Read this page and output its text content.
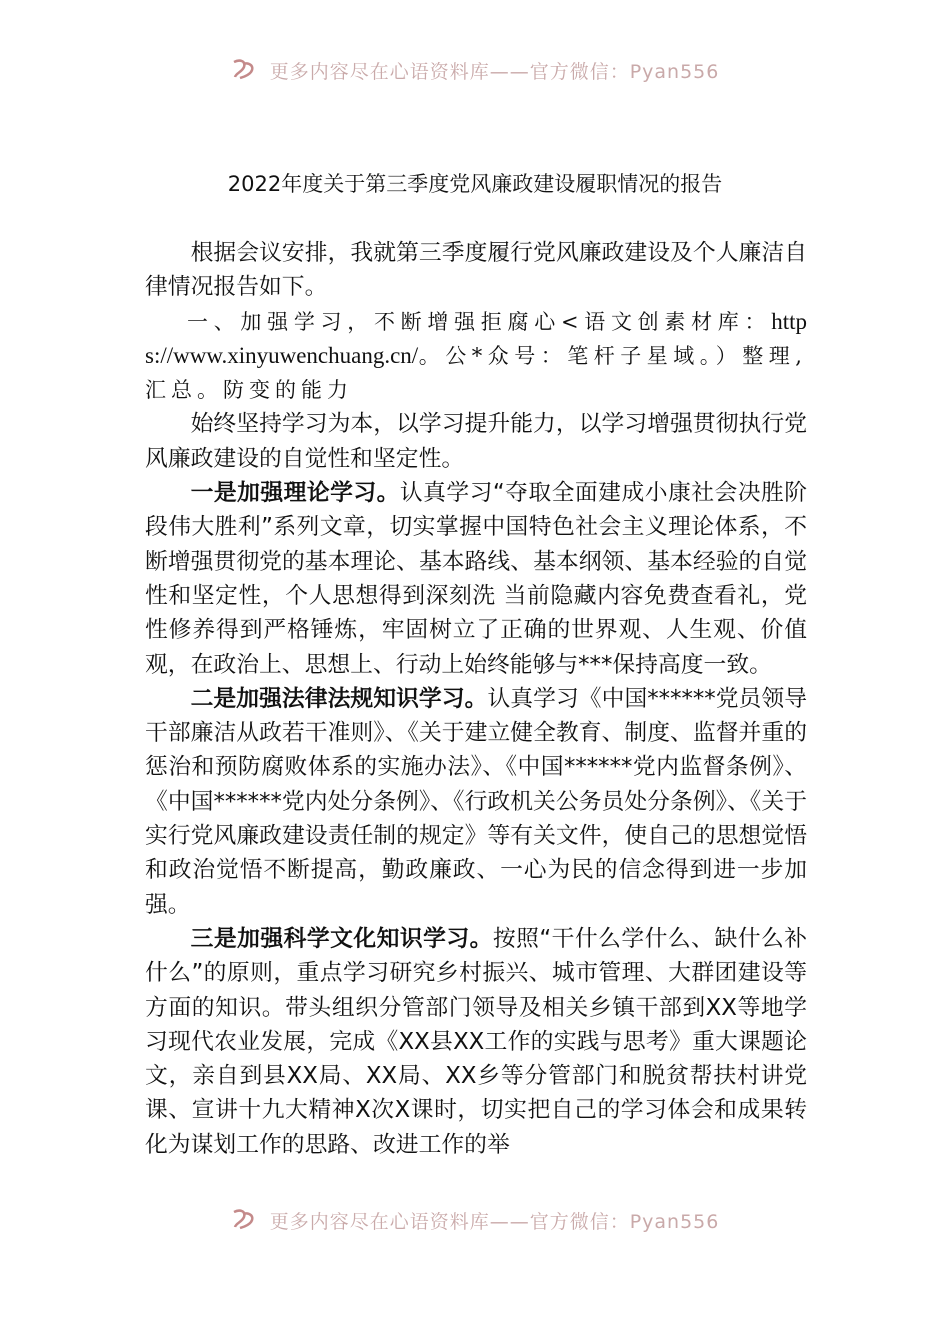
更多内容尽在心语资料库——官方微信：Pyan556
2022年度关于第三季度党风廉政建设履职情况的报告

根据会议安排，我就第三季度履行党风廉政建设及个人廉洁自律情况报告如下。

一、加强学习，不断增强拒腐心<语文创素材库：https://www.xinyuwenchuang.cn/。公*众号：笔杆子星域。）整理,汇总。防变的能力

始终坚持学习为本，以学习提升能力，以学习增强贯彻执行党风廉政建设的自觉性和坚定性。

一是加强理论学习。认真学习“夺取全面建成小康社会决胜阶段伟大胜利”系列文章，切实掌握中国特色社会主义理论体系，不断增强贯彻党的基本理论、基本路线、基本纲领、基本经验的自觉性和坚定性，个人思想得到深刻洗 当前隐藏内容免费查看礼，党性修养得到严格锤炼，牢固树立了正确的世界观、人生观、价值观，在政治上、思想上、行动上始终能够与***保持高度一致。

二是加强法律法规知识学习。认真学习《中国******党员领导干部廉洁从政若干准则》、《关于建立健全教育、制度、监督并重的惩治和预防腐败体系的实施办法》、《中国******党内监督条例》、《中国******党内处分条例》、《行政机关公务员处分条例》、《关于实行党风廉政建设责任制的规定》等有关文件，使自己的思想觉悟和政治觉悟不断提高，勤政廉政、一心为民的信念得到进一步加强。

三是加强科学文化知识学习。按照“干什么学什么、缺什么补什么”的原则，重点学习研究乡村振兴、城市管理、大群团建设等方面的知识。带头组织分管部门领导及相关乡镇干部到XX等地学习现代农业发展，完成《XX县XX工作的实践与思考》重大课题论文，亲自到县XX局、XX局、XX乡等分管部门和脱贫帮扶村讲党课、宣讲十九大精神X次X课时，切实把自己的学习体会和成果转化为谋划工作的思路、改进工作的举

更多内容尽在心语资料库——官方微信：Pyan556
